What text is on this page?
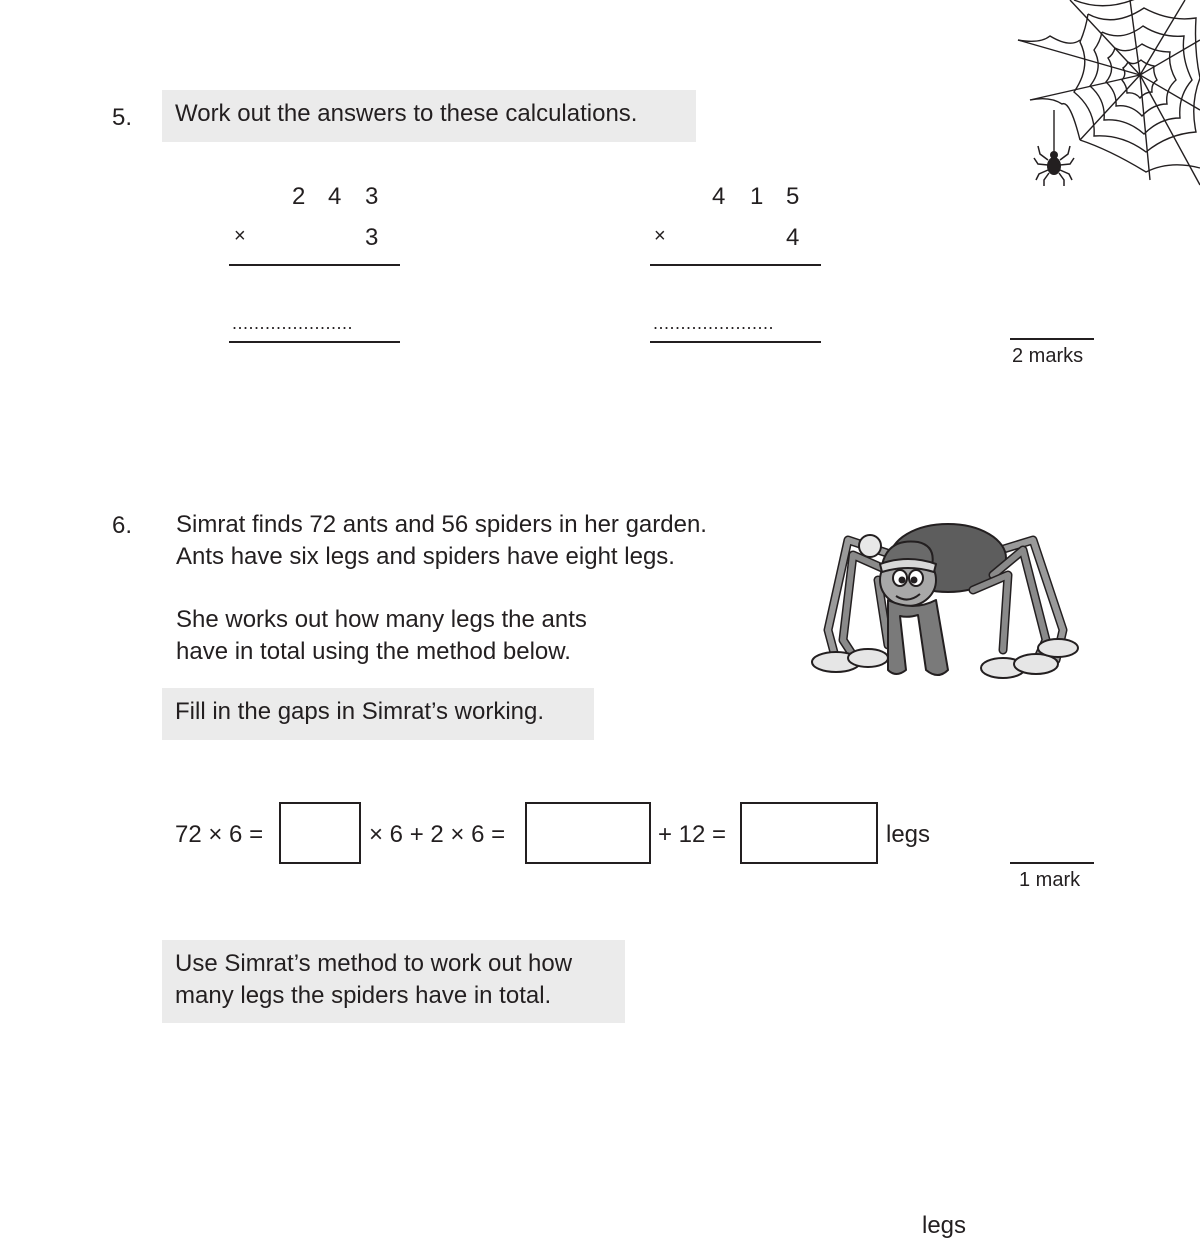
5.	Work out the answers to these calculations.
2 4 3
×	3
......................
4 1 5
×	4
......................
2 marks
6. Simrat finds 72 ants and 56 spiders in her garden.
Ants have six legs and spiders have eight legs.
She works out how many legs the ants
have in total using the method below.
Fill in the gaps in Simrat’s working.
72 × 6 =	× 6 + 2 × 6 =	+ 12 =	legs
1 mark
Use Simrat’s method to work out how
many legs the spiders have in total.
legs
